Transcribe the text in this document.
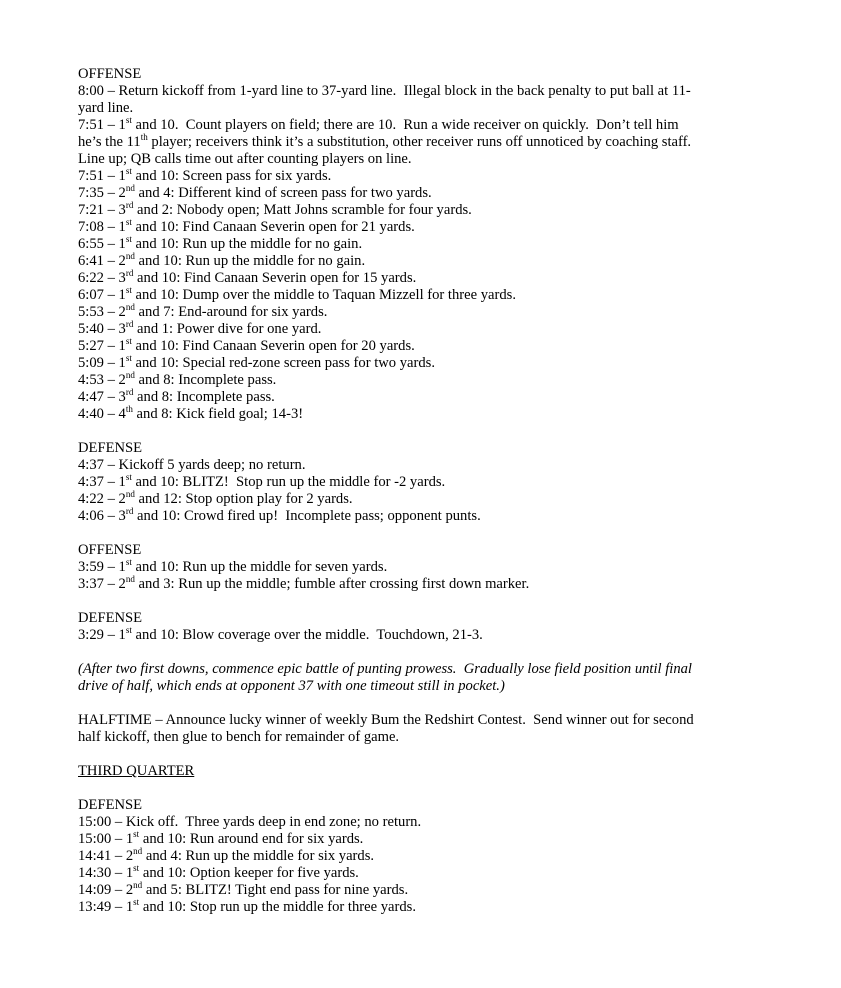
OFFENSE
8:00 – Return kickoff from 1-yard line to 37-yard line.  Illegal block in the back penalty to put ball at 11-
yard line.
7:51 – 1st and 10.  Count players on field; there are 10.  Run a wide receiver on quickly.  Don’t tell him
he’s the 11th player; receivers think it’s a substitution, other receiver runs off unnoticed by coaching staff.
Line up; QB calls time out after counting players on line.
7:51 – 1st and 10: Screen pass for six yards.
7:35 – 2nd and 4: Different kind of screen pass for two yards.
7:21 – 3rd and 2: Nobody open; Matt Johns scramble for four yards.
7:08 – 1st and 10: Find Canaan Severin open for 21 yards.
6:55 – 1st and 10: Run up the middle for no gain.
6:41 – 2nd and 10: Run up the middle for no gain.
6:22 – 3rd and 10: Find Canaan Severin open for 15 yards.
6:07 – 1st and 10: Dump over the middle to Taquan Mizzell for three yards.
5:53 – 2nd and 7: End-around for six yards.
5:40 – 3rd and 1: Power dive for one yard.
5:27 – 1st and 10: Find Canaan Severin open for 20 yards.
5:09 – 1st and 10: Special red-zone screen pass for two yards.
4:53 – 2nd and 8: Incomplete pass.
4:47 – 3rd and 8: Incomplete pass.
4:40 – 4th and 8: Kick field goal; 14-3!
DEFENSE
4:37 – Kickoff 5 yards deep; no return.
4:37 – 1st and 10: BLITZ!  Stop run up the middle for -2 yards.
4:22 – 2nd and 12: Stop option play for 2 yards.
4:06 – 3rd and 10: Crowd fired up!  Incomplete pass; opponent punts.
OFFENSE
3:59 – 1st and 10: Run up the middle for seven yards.
3:37 – 2nd and 3: Run up the middle; fumble after crossing first down marker.
DEFENSE
3:29 – 1st and 10: Blow coverage over the middle.  Touchdown, 21-3.
(After two first downs, commence epic battle of punting prowess.  Gradually lose field position until final
drive of half, which ends at opponent 37 with one timeout still in pocket.)
HALFTIME – Announce lucky winner of weekly Bum the Redshirt Contest.  Send winner out for second
half kickoff, then glue to bench for remainder of game.
THIRD QUARTER
DEFENSE
15:00 – Kick off.  Three yards deep in end zone; no return.
15:00 – 1st and 10: Run around end for six yards.
14:41 – 2nd and 4: Run up the middle for six yards.
14:30 – 1st and 10: Option keeper for five yards.
14:09 – 2nd and 5: BLITZ! Tight end pass for nine yards.
13:49 – 1st and 10: Stop run up the middle for three yards.
